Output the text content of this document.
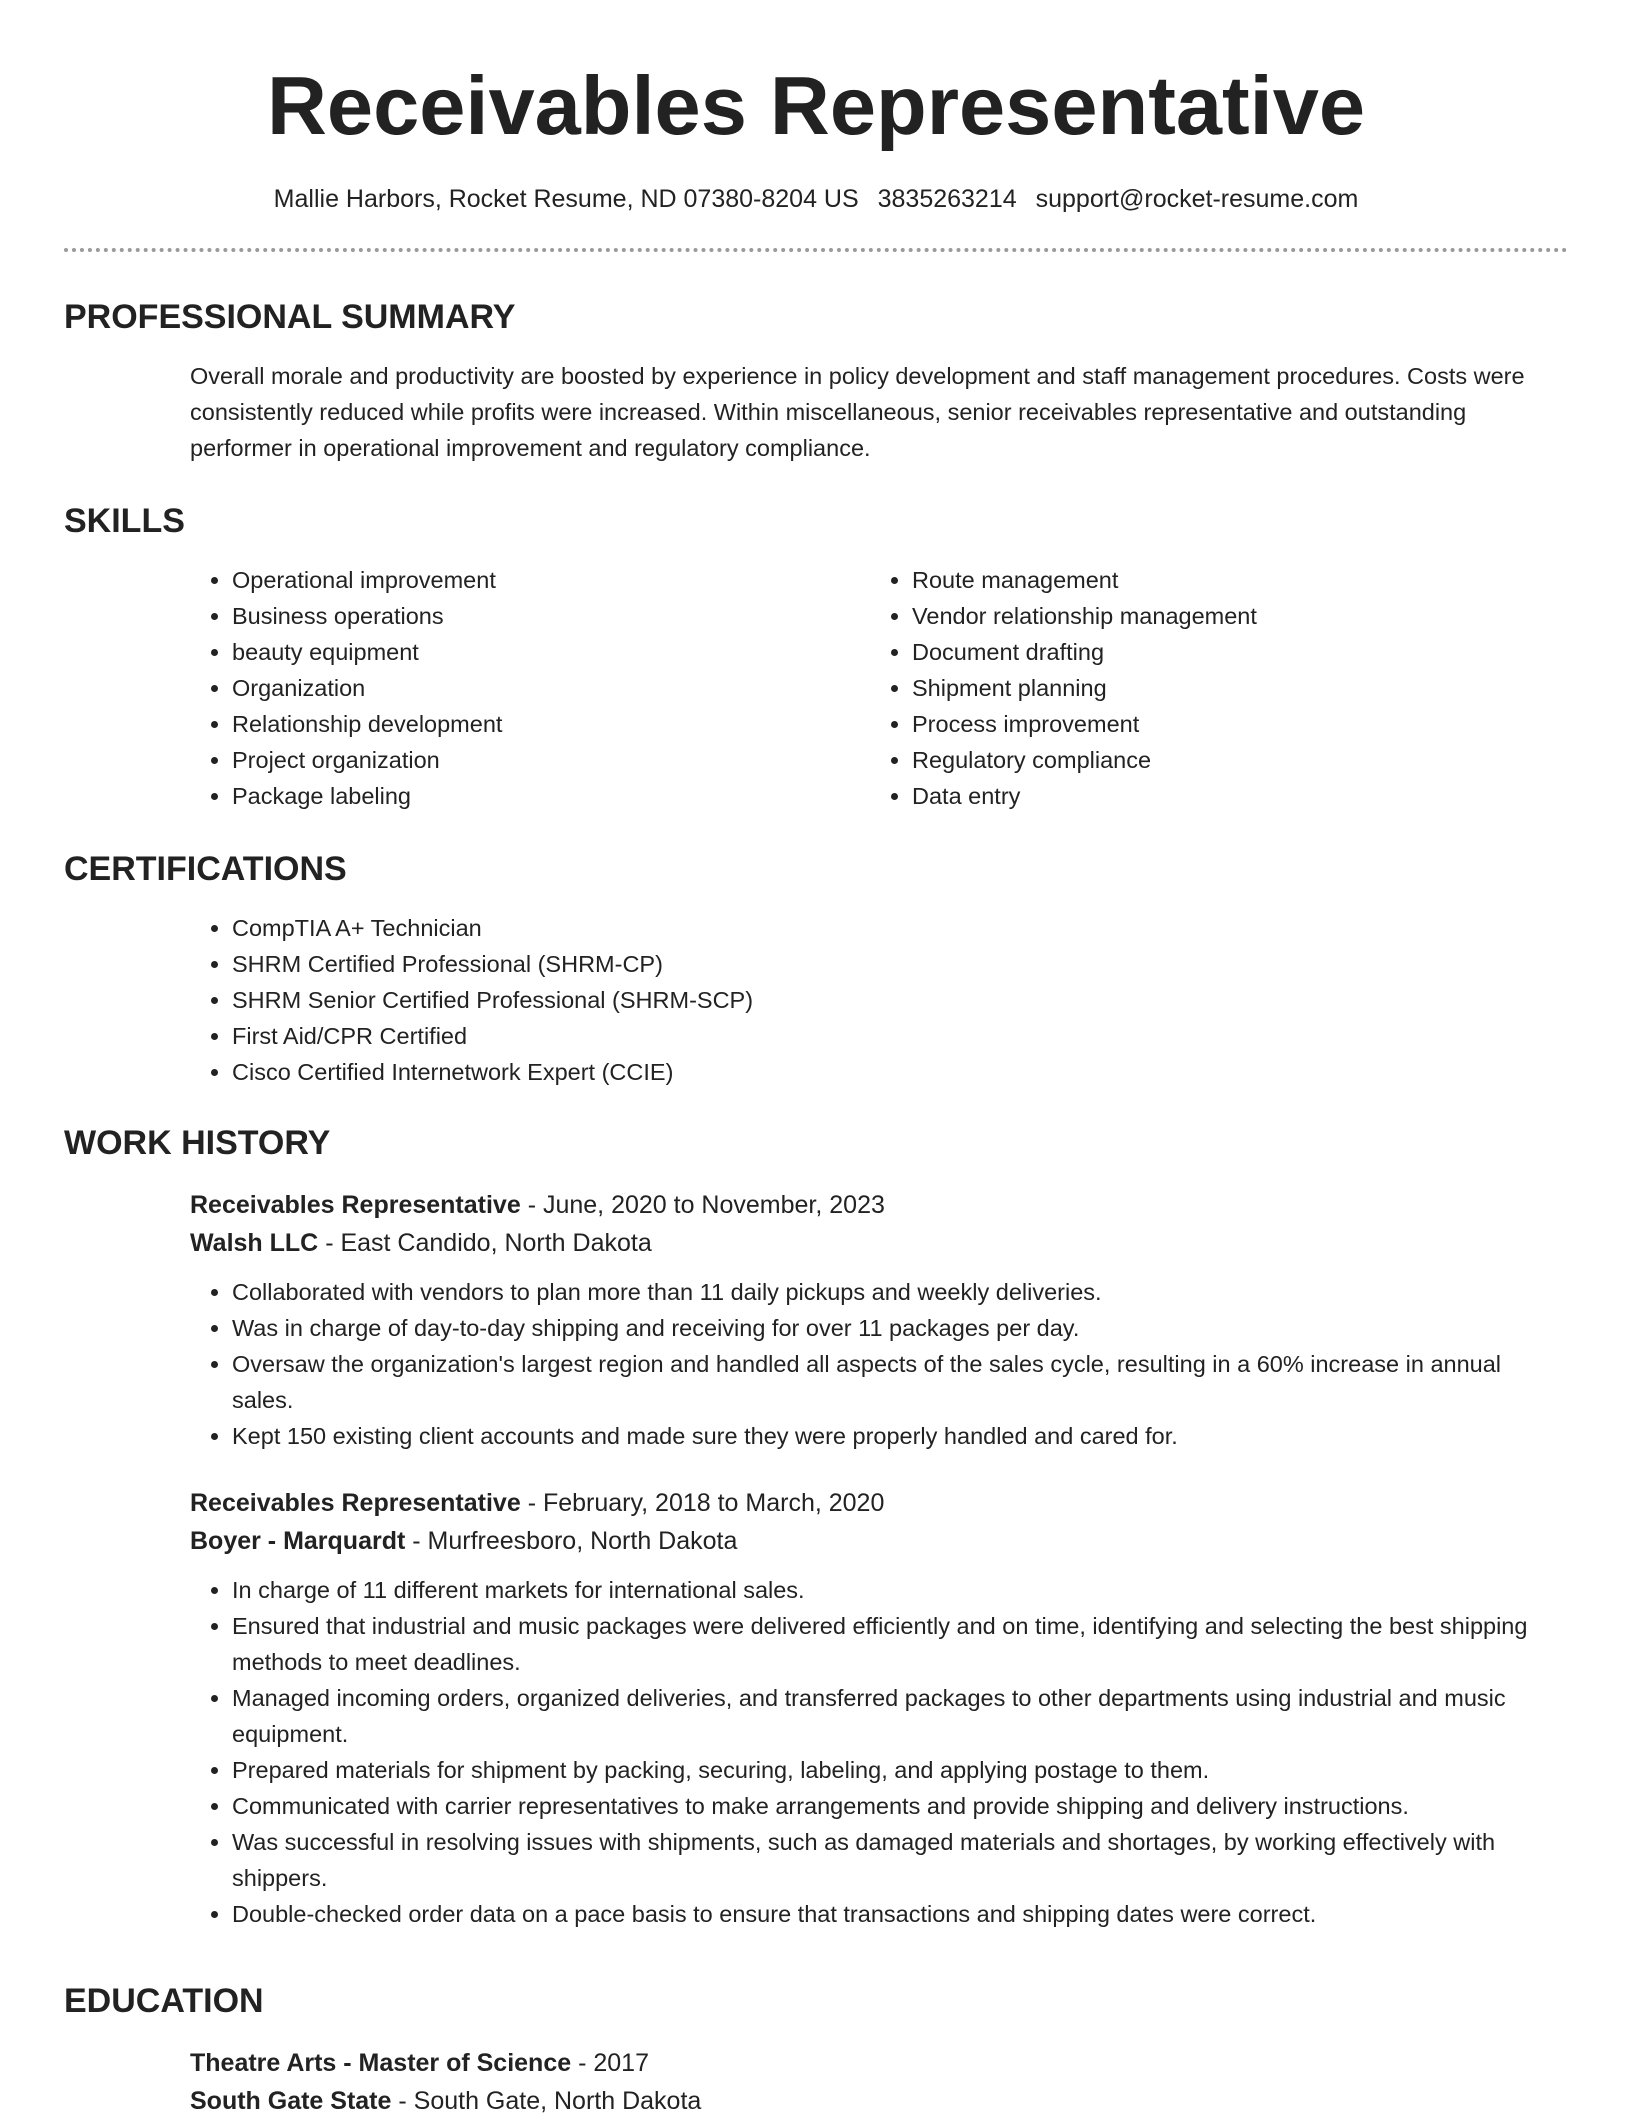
Receivables Representative
Mallie Harbors, Rocket Resume, ND 07380-8204 US 3835263214 support@rocket-resume.com
PROFESSIONAL SUMMARY
Overall morale and productivity are boosted by experience in policy development and staff management procedures. Costs were consistently reduced while profits were increased. Within miscellaneous, senior receivables representative and outstanding performer in operational improvement and regulatory compliance.
SKILLS
• Operational improvement
• Business operations
• beauty equipment
• Organization
• Relationship development
• Project organization
• Package labeling
• Route management
• Vendor relationship management
• Document drafting
• Shipment planning
• Process improvement
• Regulatory compliance
• Data entry
CERTIFICATIONS
• CompTIA A+ Technician
• SHRM Certified Professional (SHRM-CP)
• SHRM Senior Certified Professional (SHRM-SCP)
• First Aid/CPR Certified
• Cisco Certified Internetwork Expert (CCIE)
WORK HISTORY
Receivables Representative - June, 2020 to November, 2023
Walsh LLC - East Candido, North Dakota
• Collaborated with vendors to plan more than 11 daily pickups and weekly deliveries.
• Was in charge of day-to-day shipping and receiving for over 11 packages per day.
• Oversaw the organization's largest region and handled all aspects of the sales cycle, resulting in a 60% increase in annual sales.
• Kept 150 existing client accounts and made sure they were properly handled and cared for.
Receivables Representative - February, 2018 to March, 2020
Boyer - Marquardt - Murfreesboro, North Dakota
• In charge of 11 different markets for international sales.
• Ensured that industrial and music packages were delivered efficiently and on time, identifying and selecting the best shipping methods to meet deadlines.
• Managed incoming orders, organized deliveries, and transferred packages to other departments using industrial and music equipment.
• Prepared materials for shipment by packing, securing, labeling, and applying postage to them.
• Communicated with carrier representatives to make arrangements and provide shipping and delivery instructions.
• Was successful in resolving issues with shipments, such as damaged materials and shortages, by working effectively with shippers.
• Double-checked order data on a pace basis to ensure that transactions and shipping dates were correct.
EDUCATION
Theatre Arts - Master of Science - 2017
South Gate State - South Gate, North Dakota
